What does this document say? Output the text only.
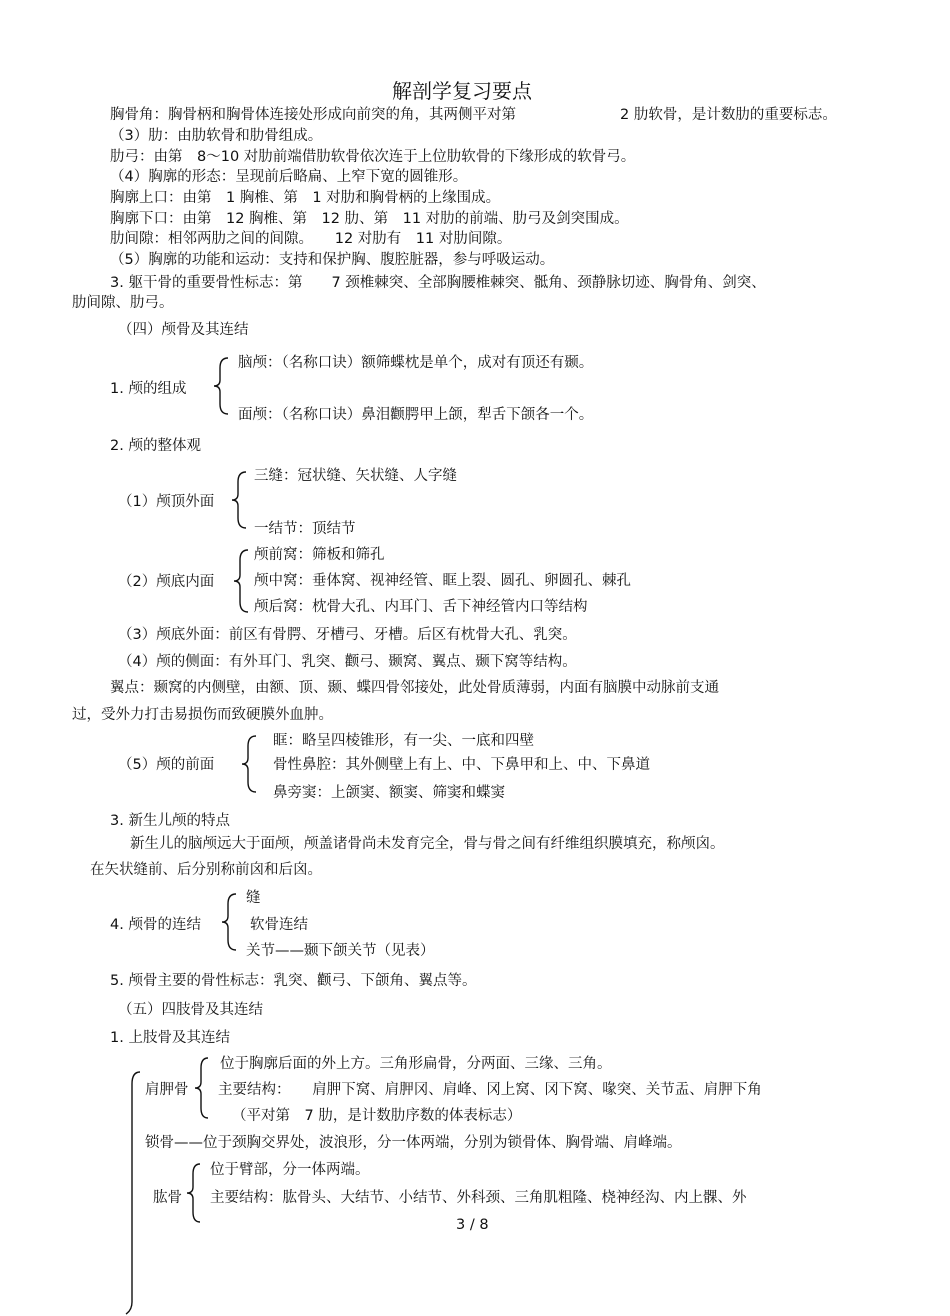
解剖学复习要点
胸骨角：胸骨柄和胸骨体连接处形成向前突的角，其两侧平对第	2 肋软骨，是计数肋的重要标志。
（3）肋：由肋软骨和肋骨组成。
肋弓：由第　8～10 对肋前端借肋软骨依次连于上位肋软骨的下缘形成的软骨弓。
（4）胸廓的形态：呈现前后略扁、上窄下宽的圆锥形。
胸廓上口：由第　1 胸椎、第　1 对肋和胸骨柄的上缘围成。
胸廓下口：由第　12 胸椎、第　12 肋、第　11 对肋的前端、肋弓及剑突围成。
肋间隙：相邻两肋之间的间隙。　　12 对肋有　11 对肋间隙。
（5）胸廓的功能和运动：支持和保护胸、腹腔脏器，参与呼吸运动。
3. 躯干骨的重要骨性标志：第　　7 颈椎棘突、全部胸腰椎棘突、骶角、颈静脉切迹、胸骨角、剑突、
肋间隙、肋弓。
（四）颅骨及其连结
1. 颅的组成
脑颅：（名称口诀）额筛蝶枕是单个，成对有顶还有颞。
面颅：（名称口诀）鼻泪颧腭甲上颌，犁舌下颌各一个。
2. 颅的整体观
（1）颅顶外面
三缝：冠状缝、矢状缝、人字缝
一结节：顶结节
（2）颅底内面
颅前窝：筛板和筛孔
颅中窝：垂体窝、视神经管、眶上裂、圆孔、卵圆孔、棘孔
颅后窝：枕骨大孔、内耳门、舌下神经管内口等结构
（3）颅底外面：前区有骨腭、牙槽弓、牙槽。后区有枕骨大孔、乳突。
（4）颅的侧面：有外耳门、乳突、颧弓、颞窝、翼点、颞下窝等结构。
翼点：颞窝的内侧壁，由额、顶、颞、蝶四骨邻接处，此处骨质薄弱，内面有脑膜中动脉前支通
过，受外力打击易损伤而致硬膜外血肿。
（5）颅的前面
眶：略呈四棱锥形，有一尖、一底和四壁
骨性鼻腔：其外侧壁上有上、中、下鼻甲和上、中、下鼻道
鼻旁窦：上颌窦、额窦、筛窦和蝶窦
3. 新生儿颅的特点
新生儿的脑颅远大于面颅，颅盖诸骨尚未发育完全，骨与骨之间有纤维组织膜填充，称颅囟。
在矢状缝前、后分别称前囟和后囟。
4. 颅骨的连结
缝
软骨连结
关节——颞下颌关节（见表）
5. 颅骨主要的骨性标志：乳突、颧弓、下颌角、翼点等。
（五）四肢骨及其连结
1. 上肢骨及其连结
肩胛骨
位于胸廓后面的外上方。三角形扁骨，分两面、三缘、三角。
主要结构：　　肩胛下窝、肩胛冈、肩峰、冈上窝、冈下窝、喙突、关节盂、肩胛下角
（平对第　7 肋，是计数肋序数的体表标志）
锁骨——位于颈胸交界处，波浪形，分一体两端，分别为锁骨体、胸骨端、肩峰端。
肱骨
位于臂部，分一体两端。
主要结构：肱骨头、大结节、小结节、外科颈、三角肌粗隆、桡神经沟、内上髁、外
3 / 8
